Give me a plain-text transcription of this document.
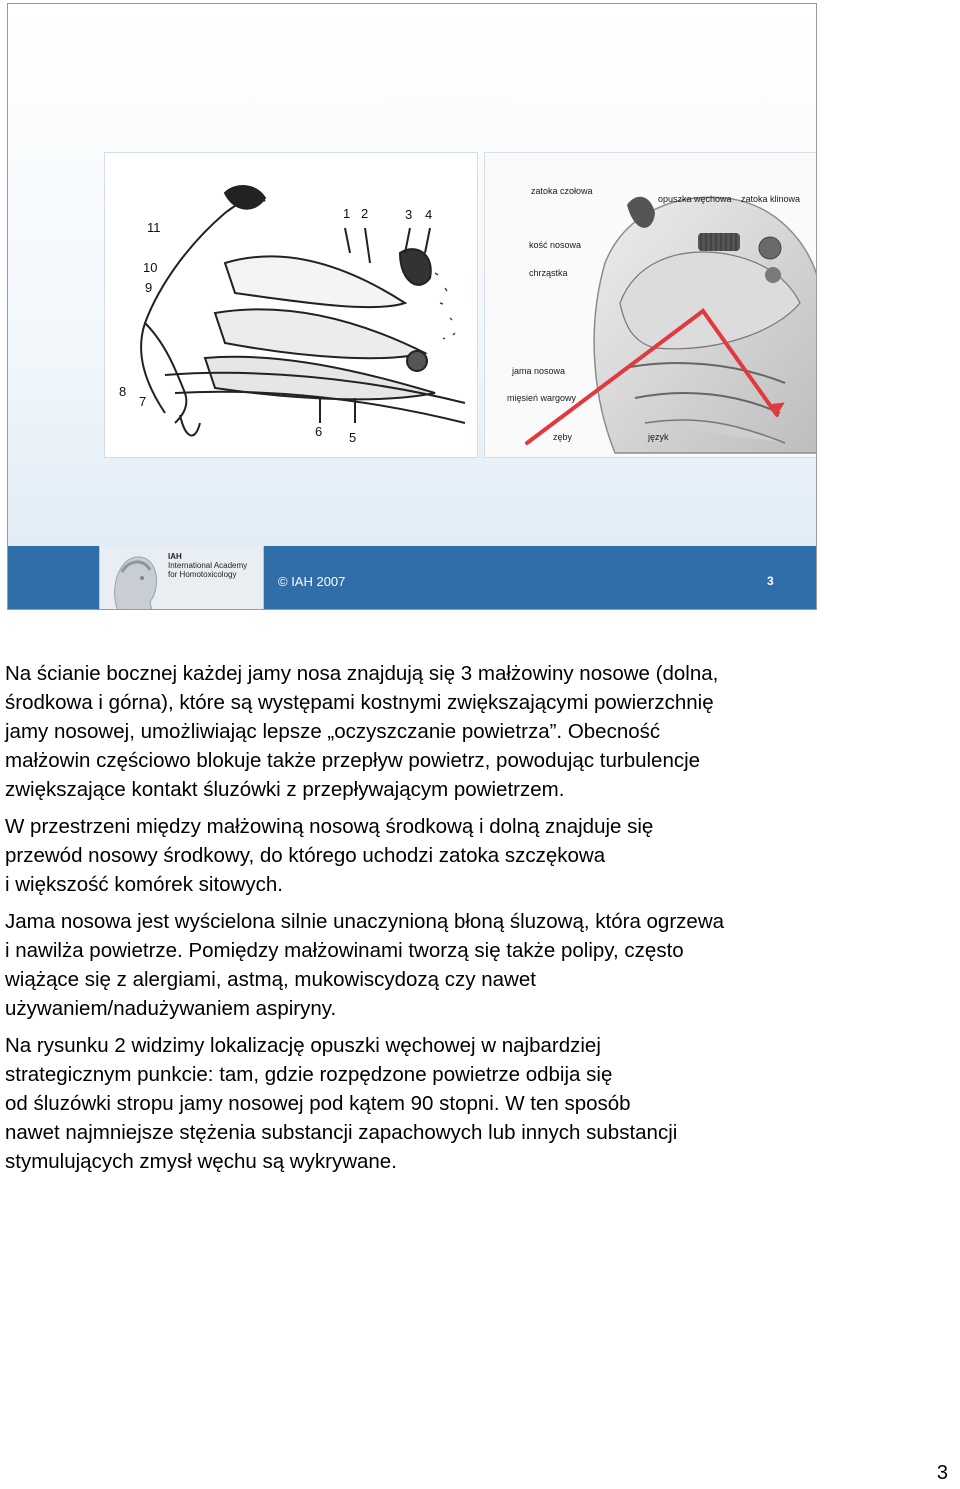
11
10
9
8
7
6 5
1 2	3 4
zatoka czołowa
opuszka węchowa zatoka klinowa
kość nosowa
chrząstka
jama nosowa
mięsień wargowy
zęby	język
IAH
International Academy
for Homotoxicology	© IAH 2007	3

Na ścianie bocznej każdej jamy nosa znajdują się 3 małżowiny nosowe (dolna,
środkowa i górna), które są występami kostnymi zwiększającymi powierzchnię
jamy nosowej, umożliwiając lepsze „oczyszczanie powietrza”. Obecność
małżowin częściowo blokuje także przepływ powietrz, powodując turbulencje
zwiększające kontakt śluzówki z przepływającym powietrzem.

W przestrzeni między małżowiną nosową środkową i dolną znajduje się
przewód nosowy środkowy, do którego uchodzi zatoka szczękowa
i większość komórek sitowych.

Jama nosowa jest wyścielona silnie unaczynioną błoną śluzową, która ogrzewa
i nawilża powietrze. Pomiędzy małżowinami tworzą się także polipy, często
wiążące się z alergiami, astmą, mukowiscydozą czy nawet
używaniem/nadużywaniem aspiryny.

Na rysunku 2 widzimy lokalizację opuszki węchowej w najbardziej
strategicznym punkcie: tam, gdzie rozpędzone powietrze odbija się
od śluzówki stropu jamy nosowej pod kątem 90 stopni. W ten sposób
nawet najmniejsze stężenia substancji zapachowych lub innych substancji
stymulujących zmysł węchu są wykrywane.

3
